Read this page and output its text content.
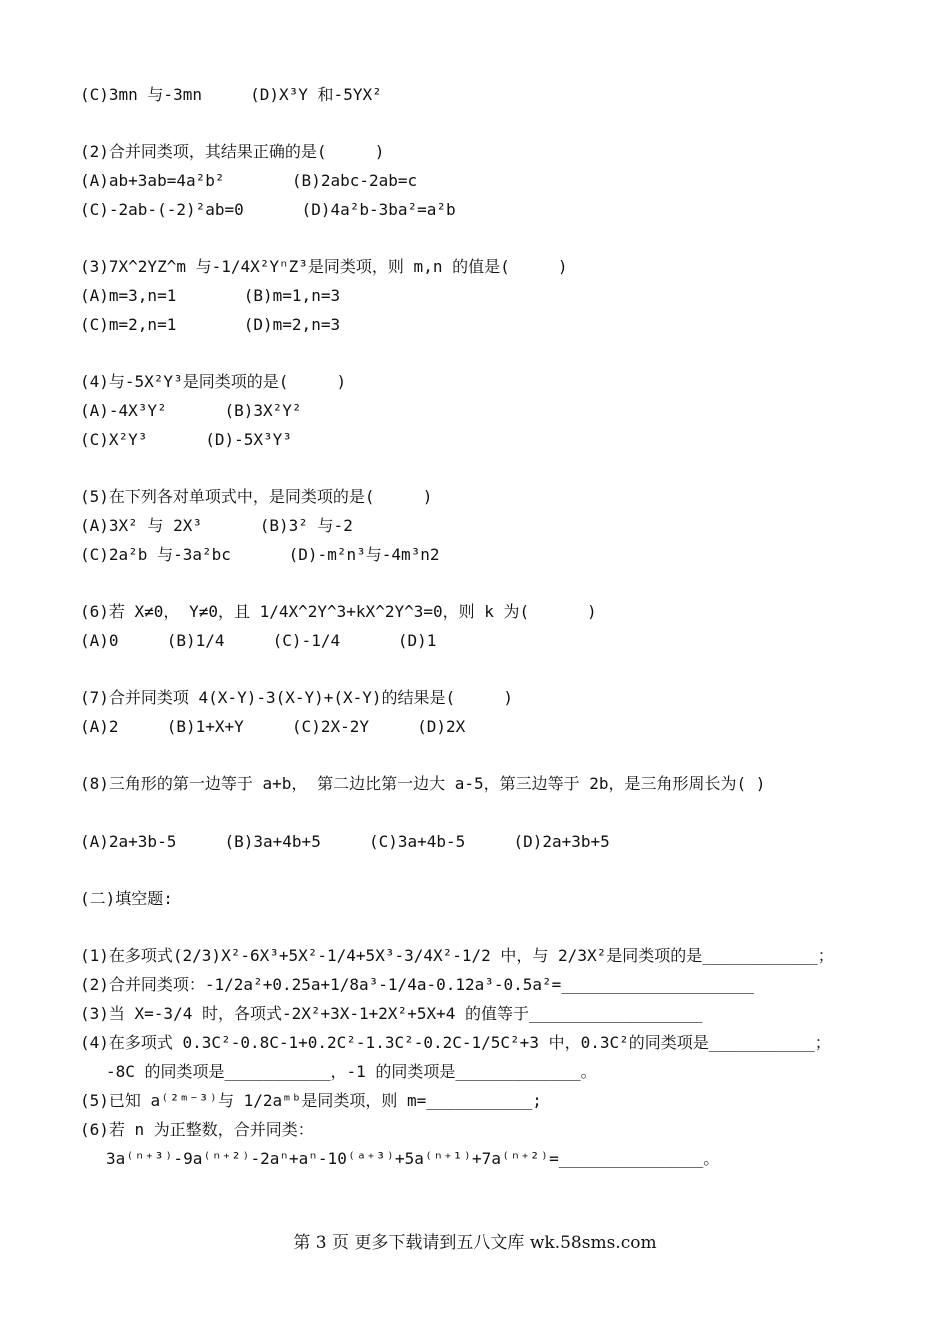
(C)3mn 与-3mn     (D)X³Y 和-5YX²
(2)合并同类项，其结果正确的是(     )
(A)ab+3ab=4a²b²       (B)2abc-2ab=c
(C)-2ab-(-2)²ab=0      (D)4a²b-3ba²=a²b
(3)7X^2YZ^m 与-1/4X²YⁿZ³是同类项，则 m,n 的值是(     )
(A)m=3,n=1       (B)m=1,n=3
(C)m=2,n=1       (D)m=2,n=3
(4)与-5X²Y³是同类项的是(     )
(A)-4X³Y²      (B)3X²Y²
(C)X²Y³      (D)-5X³Y³
(5)在下列各对单项式中，是同类项的是(     )
(A)3X² 与 2X³      (B)3² 与-2
(C)2a²b 与-3a²bc      (D)-m²n³与-4m³n2
(6)若 X≠0， Y≠0，且 1/4X^2Y^3+kX^2Y^3=0，则 k 为(      )
(A)0     (B)1/4     (C)-1/4      (D)1
(7)合并同类项 4(X-Y)-3(X-Y)+(X-Y)的结果是(     )
(A)2     (B)1+X+Y     (C)2X-2Y     (D)2X
(8)三角形的第一边等于 a+b， 第二边比第一边大 a-5，第三边等于 2b，是三角形周长为( )
(A)2a+3b-5     (B)3a+4b+5     (C)3a+4b-5     (D)2a+3b+5
(二)填空题:
(1)在多项式(2/3)X²-6X³+5X²-1/4+5X³-3/4X²-1/2 中，与 2/3X²是同类项的是____________；
(2)合并同类项：-1/2a²+0.25a+1/8a³-1/4a-0.12a³-0.5a²=____________________
(3)当 X=-3/4 时，各项式-2X²+3X-1+2X²+5X+4 的值等于__________________
(4)在多项式 0.3C²-0.8C-1+0.2C²-1.3C²-0.2C-1/5C²+3 中，0.3C²的同类项是___________；
-8C 的同类项是___________，-1 的同类项是_____________。
(5)已知 a⁽²ᵐ⁻³⁾与 1/2aᵐᵇ是同类项，则 m=___________;
(6)若 n 为正整数，合并同类：
3a⁽ⁿ⁺³⁾-9a⁽ⁿ⁺²⁾-2aⁿ+aⁿ-10⁽ᵃ⁺³⁾+5a⁽ⁿ⁺¹⁾+7a⁽ⁿ⁺²⁾=_______________。
第 3 页 更多下载请到五八文库 wk.58sms.com
